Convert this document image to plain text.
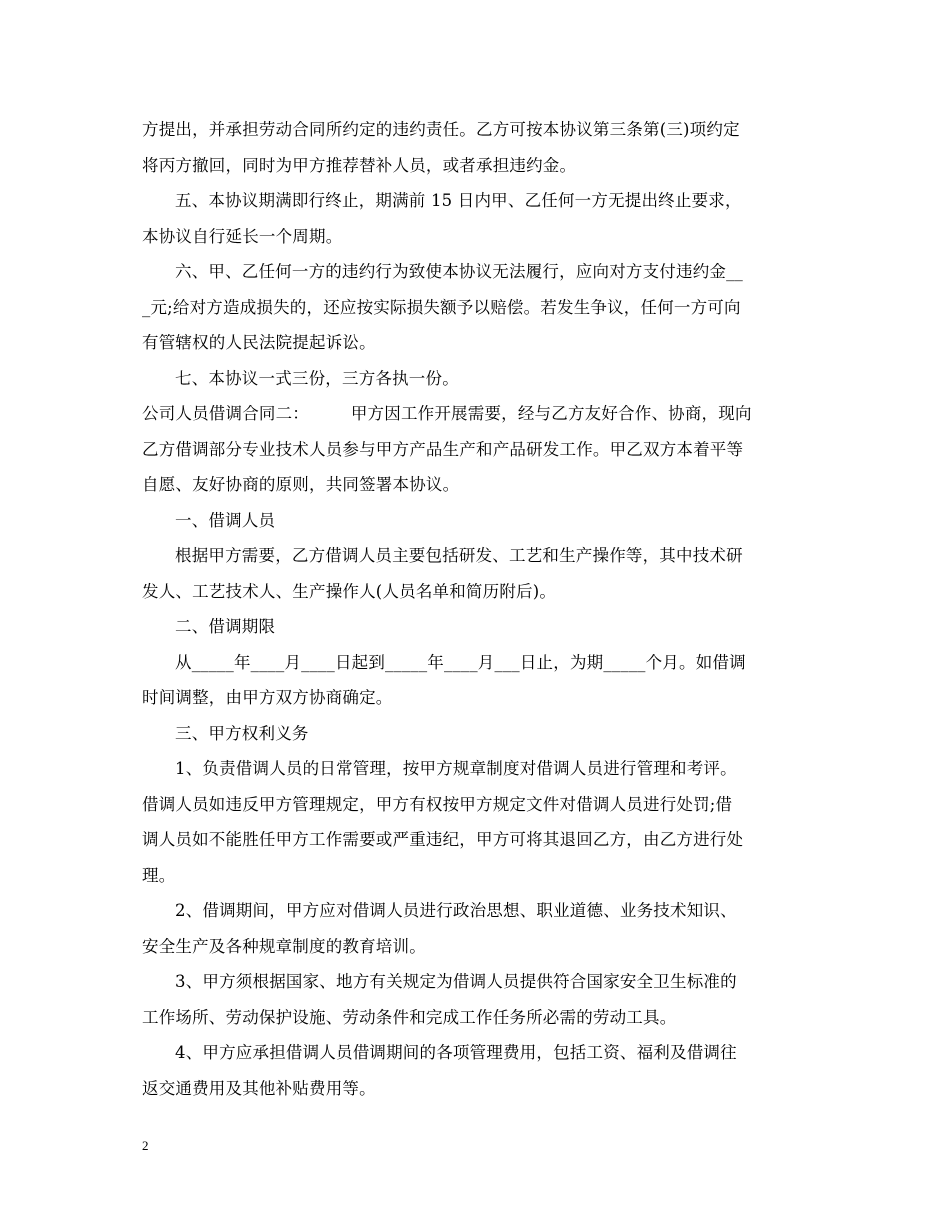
方提出，并承担劳动合同所约定的违约责任。乙方可按本协议第三条第(三)项约定
将丙方撤回，同时为甲方推荐替补人员，或者承担违约金。
五、本协议期满即行终止，期满前 15 日内甲、乙任何一方无提出终止要求，
本协议自行延长一个周期。
六、甲、乙任何一方的违约行为致使本协议无法履行，应向对方支付违约金__
_元;给对方造成损失的，还应按实际损失额予以赔偿。若发生争议，任何一方可向
有管辖权的人民法院提起诉讼。
七、本协议一式三份，三方各执一份。
公司人员借调合同二：　　　甲方因工作开展需要，经与乙方友好合作、协商，现向
乙方借调部分专业技术人员参与甲方产品生产和产品研发工作。甲乙双方本着平等
自愿、友好协商的原则，共同签署本协议。
一、借调人员
根据甲方需要，乙方借调人员主要包括研发、工艺和生产操作等，其中技术研
发人、工艺技术人、生产操作人(人员名单和简历附后)。
二、借调期限
从_____年____月____日起到_____年____月___日止，为期_____个月。如借调
时间调整，由甲方双方协商确定。
三、甲方权利义务
1、负责借调人员的日常管理，按甲方规章制度对借调人员进行管理和考评。
借调人员如违反甲方管理规定，甲方有权按甲方规定文件对借调人员进行处罚;借
调人员如不能胜任甲方工作需要或严重违纪，甲方可将其退回乙方，由乙方进行处
理。
2、借调期间，甲方应对借调人员进行政治思想、职业道德、业务技术知识、
安全生产及各种规章制度的教育培训。
3、甲方须根据国家、地方有关规定为借调人员提供符合国家安全卫生标准的
工作场所、劳动保护设施、劳动条件和完成工作任务所必需的劳动工具。
4、甲方应承担借调人员借调期间的各项管理费用，包括工资、福利及借调往
返交通费用及其他补贴费用等。
2
